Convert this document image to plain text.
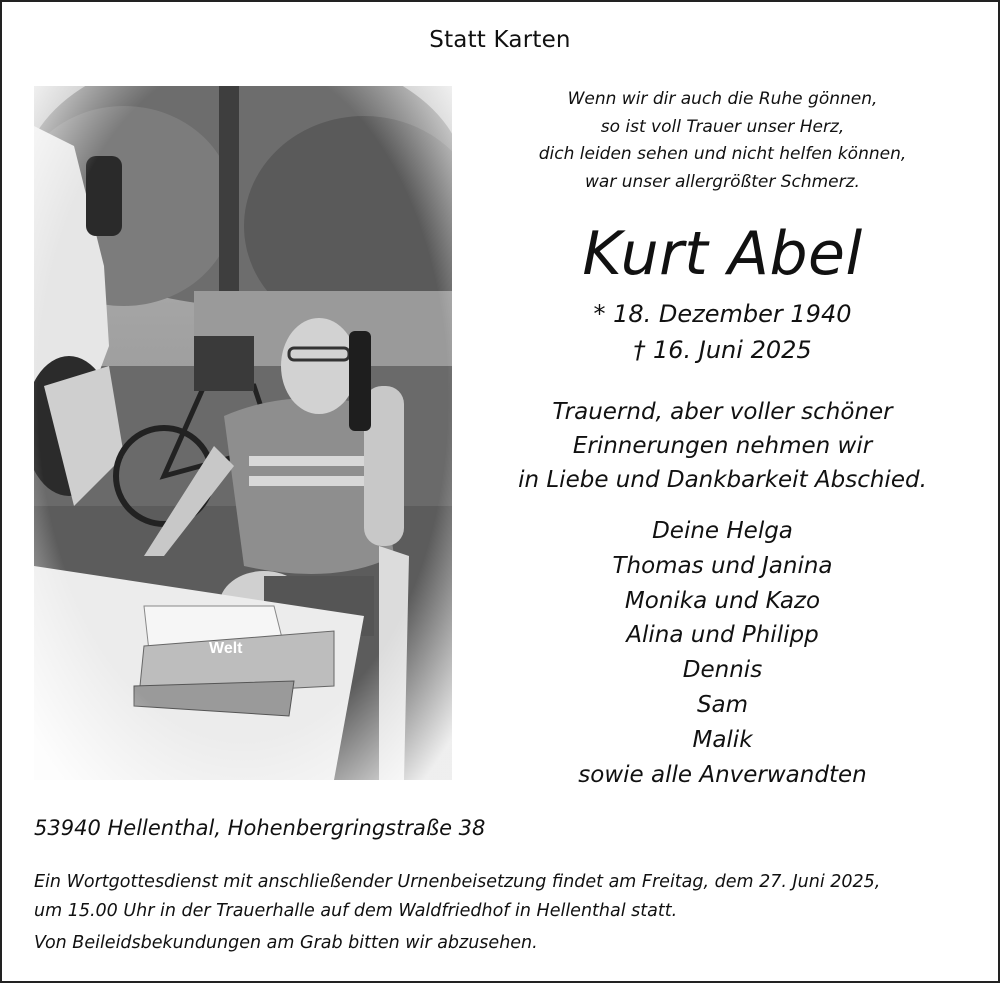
Statt Karten
Wenn wir dir auch die Ruhe gönnen,
so ist voll Trauer unser Herz,
dich leiden sehen und nicht helfen können,
war unser allergrößter Schmerz.
Kurt Abel
* 18. Dezember 1940
† 16. Juni 2025
Trauernd, aber voller schöner
Erinnerungen nehmen wir
in Liebe und Dankbarkeit Abschied.
Deine Helga
Thomas und Janina
Monika und Kazo
Alina und Philipp
Dennis
Sam
Malik
sowie alle Anverwandten
53940 Hellenthal, Hohenbergringstraße 38
Ein Wortgottesdienst mit anschließender Urnenbeisetzung findet am Freitag, dem 27. Juni 2025,
um 15.00 Uhr in der Trauerhalle auf dem Waldfriedhof in Hellenthal statt.
Von Beileidsbekundungen am Grab bitten wir abzusehen.
